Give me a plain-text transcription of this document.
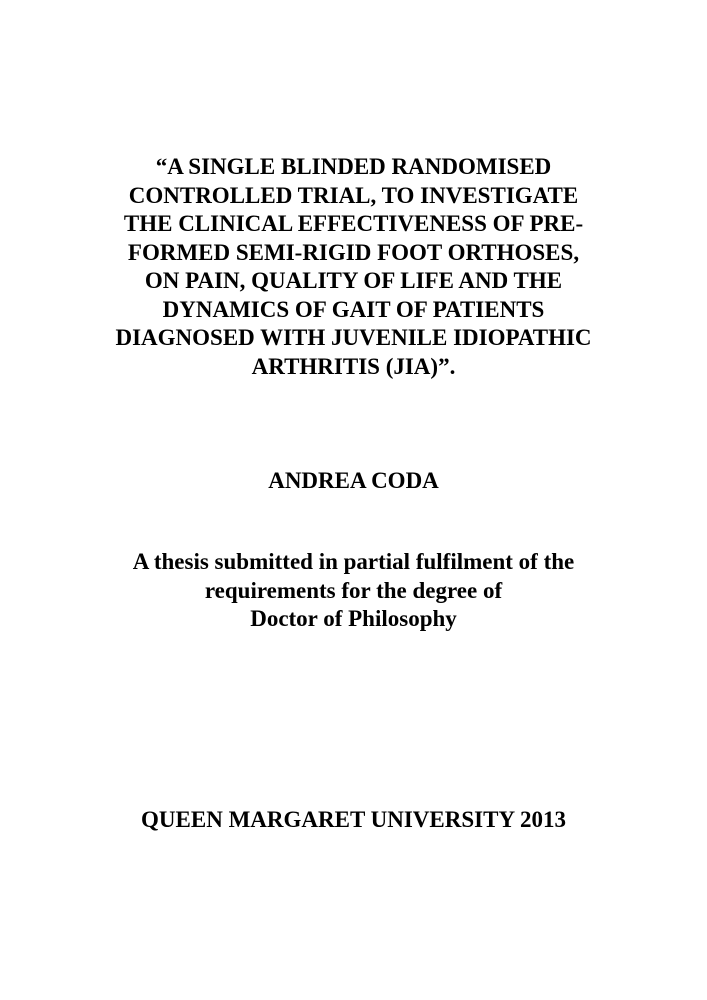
“A SINGLE BLINDED RANDOMISED
CONTROLLED TRIAL, TO INVESTIGATE
THE CLINICAL EFFECTIVENESS OF PRE-
FORMED SEMI-RIGID FOOT ORTHOSES,
ON PAIN, QUALITY OF LIFE AND THE
DYNAMICS OF GAIT OF PATIENTS
DIAGNOSED WITH JUVENILE IDIOPATHIC
ARTHRITIS (JIA)”.
ANDREA CODA
A thesis submitted in partial fulfilment of the
requirements for the degree of
Doctor of Philosophy
QUEEN MARGARET UNIVERSITY 2013
